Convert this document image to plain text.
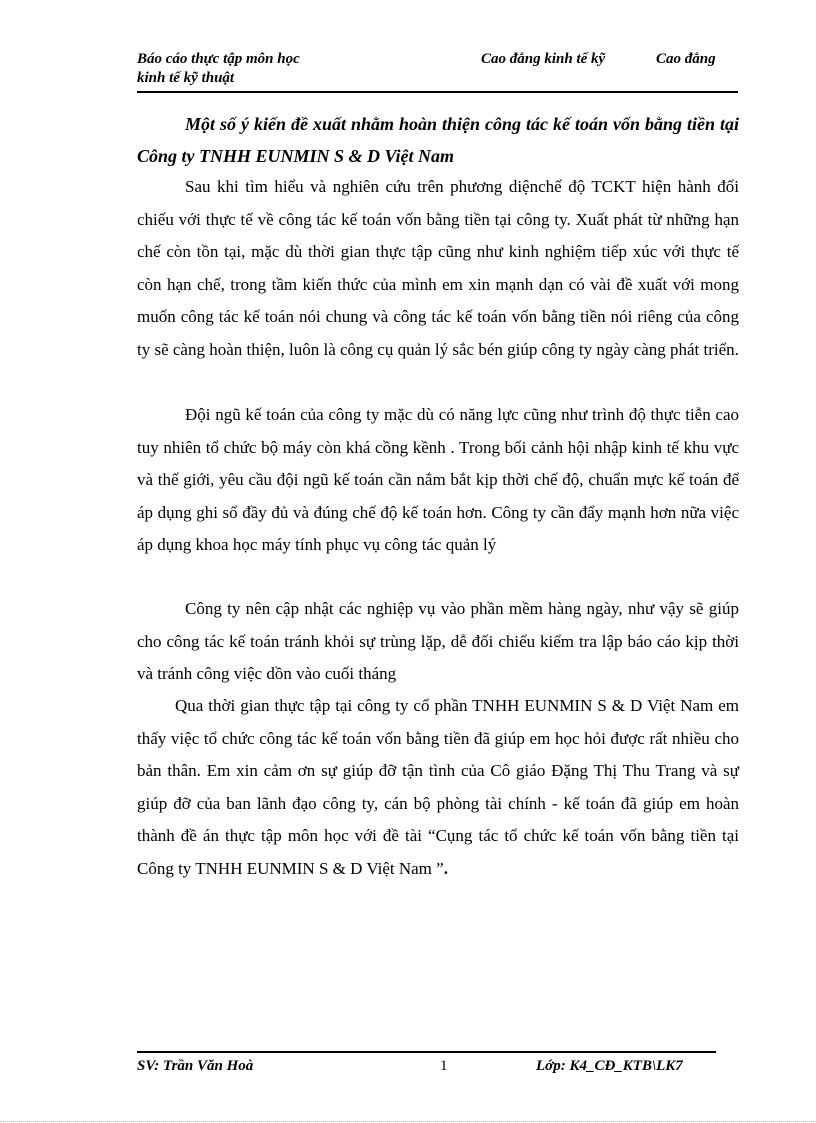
Báo cáo thực tập môn học
kinh tế kỹ thuật
Cao đẳng kinh tế kỹ	Cao đẳng
Một số ý kiến đề xuất nhằm hoàn thiện công tác kế toán vốn bằng tiền tại Công ty TNHH EUNMIN S & D Việt Nam
Sau khi tìm hiểu và nghiên cứu trên phương diệnchế độ TCKT hiện hành đối chiếu với thực tế về công tác kế toán vốn bằng tiền tại công ty. Xuất phát từ những hạn chế còn tồn tại, mặc dù thời gian thực tập cũng như kinh nghiệm tiếp xúc với thực tế còn hạn chế, trong tầm kiến thức của mình em xin mạnh dạn có vài đề xuất với mong muốn công tác kế toán nói chung và công tác kế toán vốn bằng tiền nói riêng của công ty sẽ càng hoàn thiện, luôn là công cụ quản lý sắc bén giúp công ty ngày càng phát triển.
Đội ngũ kế toán của công ty mặc dù có năng lực cũng như trình độ thực tiễn cao tuy nhiên tổ chức bộ máy còn khá cồng kềnh . Trong bối cảnh hội nhập kinh tế khu vực và thế giới, yêu cầu đội ngũ kế toán cần nắm bắt kịp thời chế độ, chuẩn mực kế toán để áp dụng ghi sổ đầy đủ và đúng chế độ kế toán hơn. Công ty cần đẩy mạnh hơn nữa việc áp dụng khoa học máy tính phục vụ công tác quản lý
Công ty nên cập nhật các nghiệp vụ vào phần mềm hàng ngày, như vậy sẽ giúp cho công tác kế toán tránh khỏi sự trùng lặp, dễ đối chiếu kiểm tra lập báo cáo kịp thời và tránh công việc dồn vào cuối tháng
Qua thời gian thực tập tại công ty cổ phần TNHH EUNMIN S & D Việt Nam em thấy việc tổ chức công tác kế toán vốn bằng tiền đã giúp em học hỏi được rất nhiều cho bản thân. Em xin cảm ơn sự giúp đỡ tận tình của Cô giáo Đặng Thị Thu Trang và sự giúp đỡ của ban lãnh đạo công ty, cán bộ phòng tài chính - kế toán đã giúp em hoàn thành đề án thực tập môn học với đề tài “Cụng tác tổ chức kế toán vốn bằng tiền tại Công ty TNHH EUNMIN S & D Việt Nam ”.
SV: Trần Văn Hoà	1	Lớp: K4_CĐ_KTB\LK7
